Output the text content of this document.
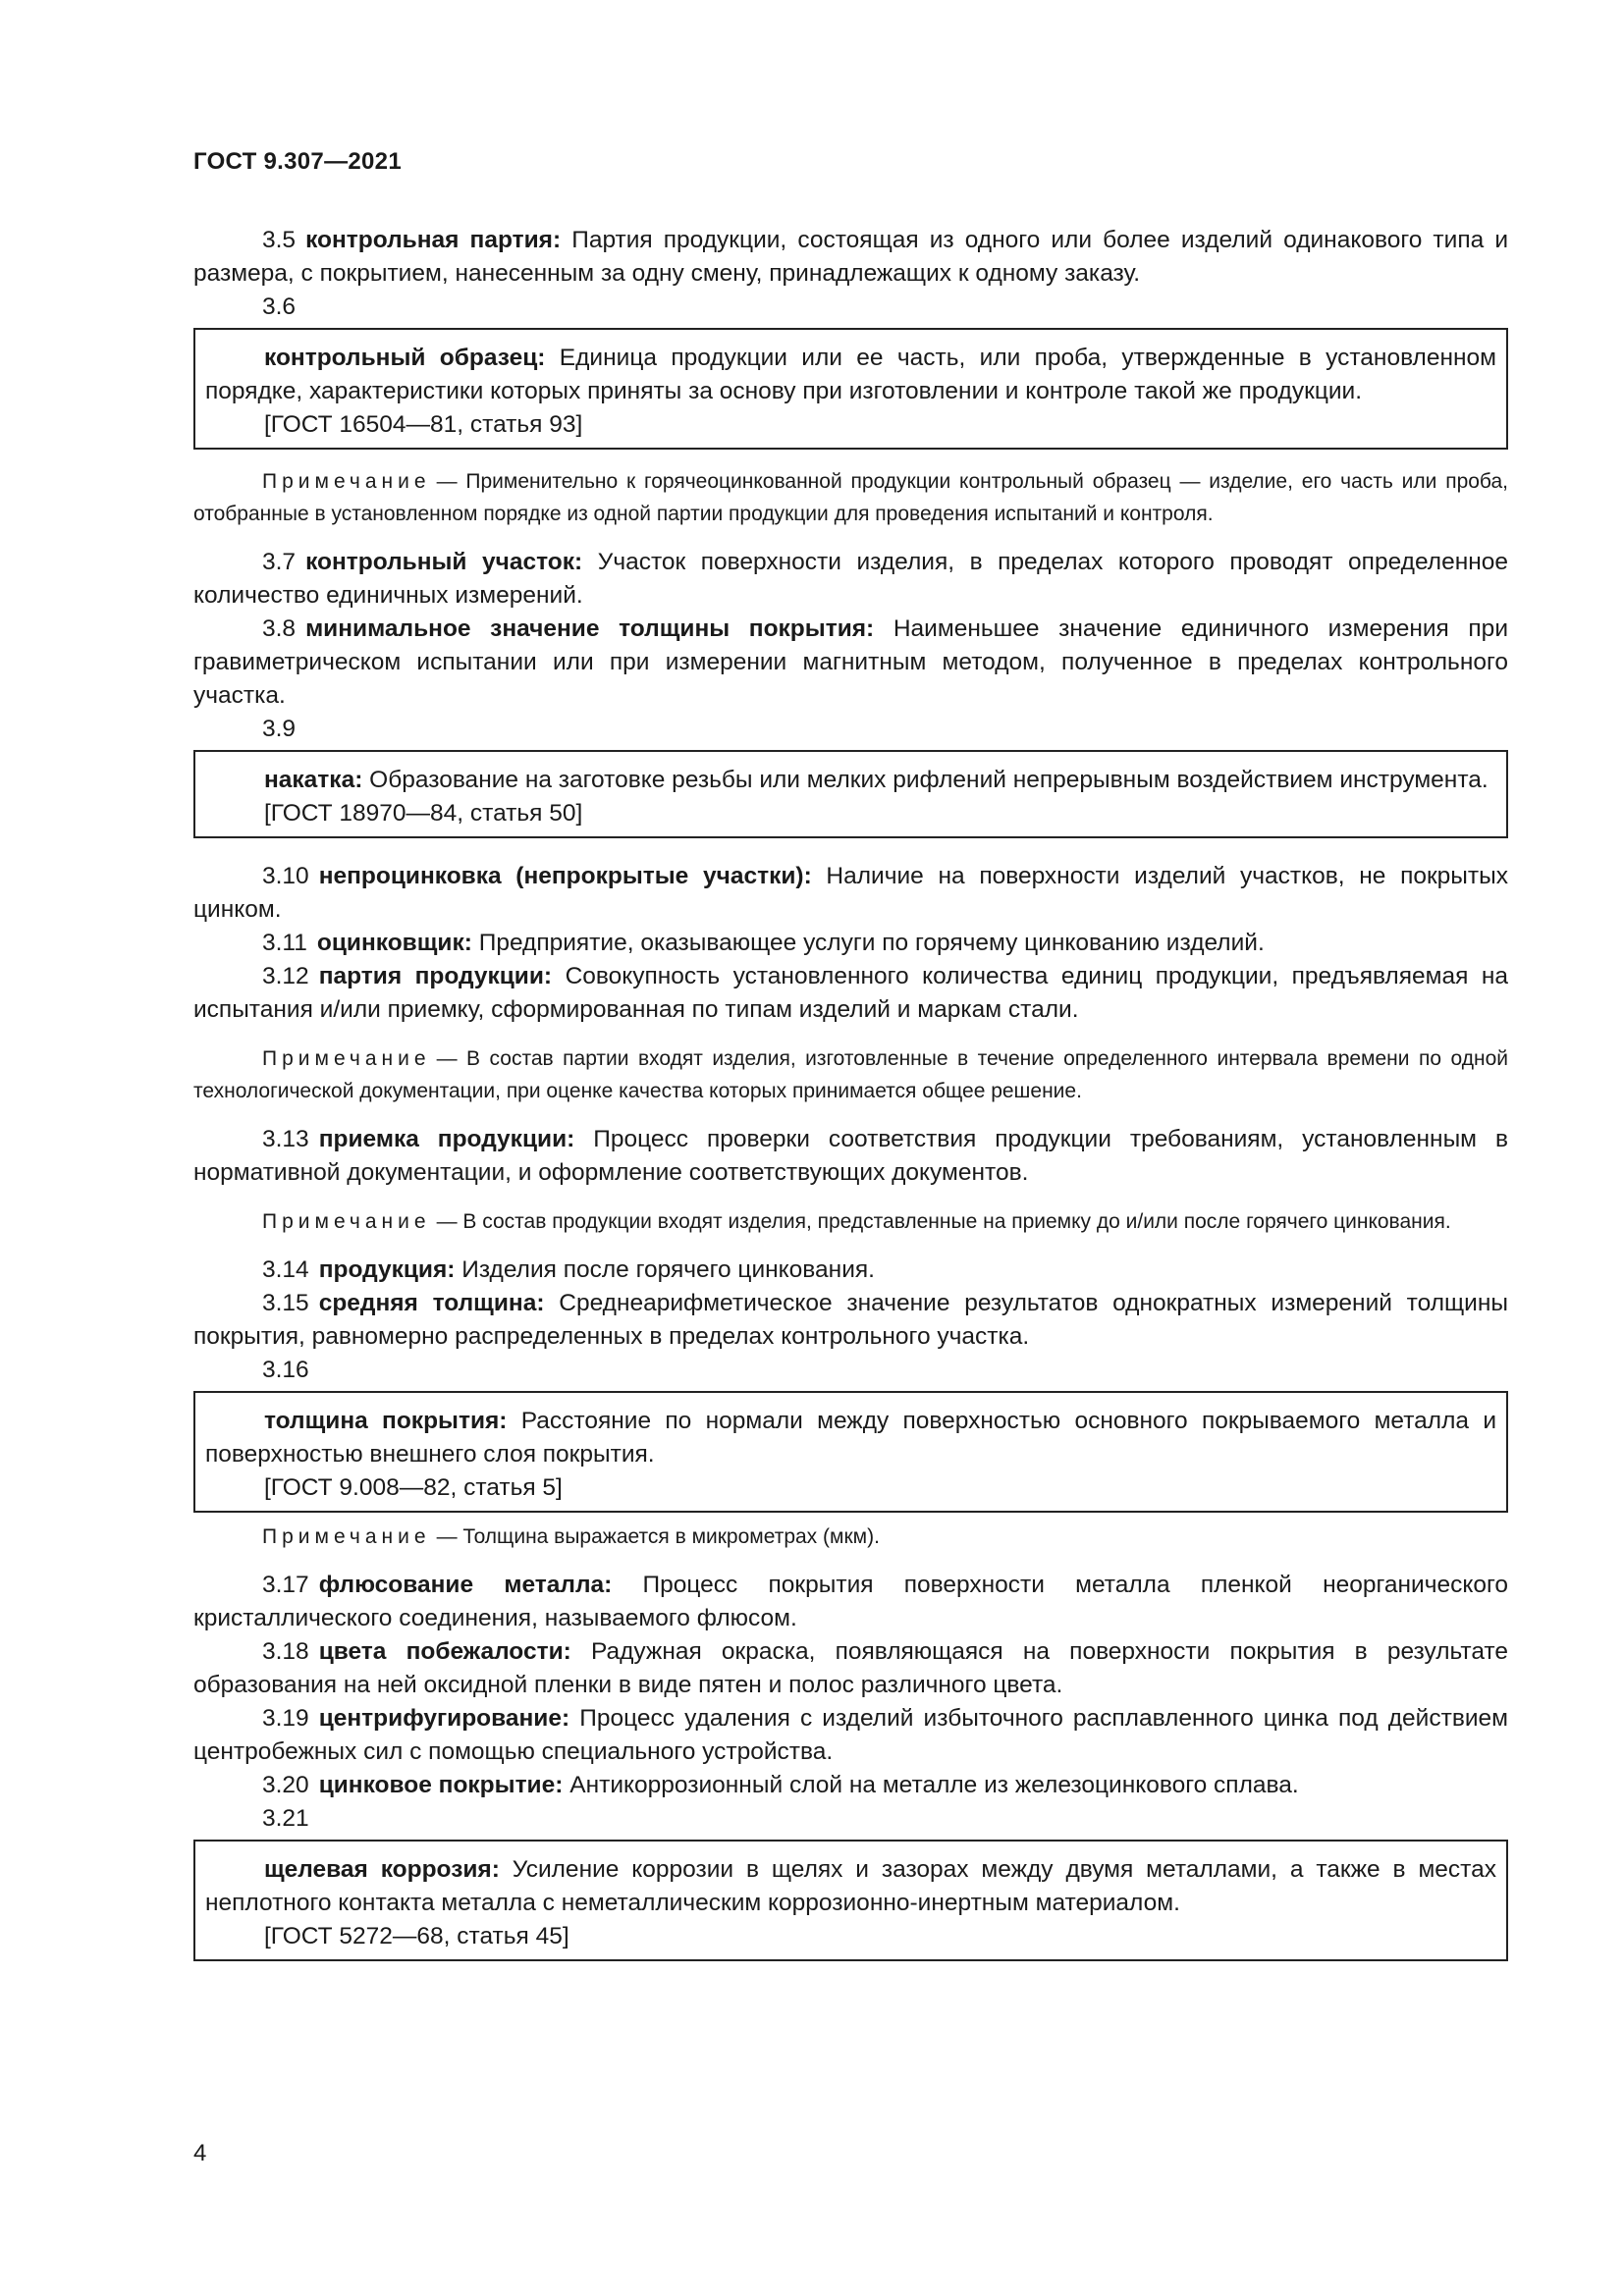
ГОСТ 9.307—2021

3.5 контрольная партия: Партия продукции, состоящая из одного или более изделий одинакового типа и размера, с покрытием, нанесенным за одну смену, принадлежащих к одному заказу.

3.6

контрольный образец: Единица продукции или ее часть, или проба, утвержденные в установленном порядке, характеристики которых приняты за основу при изготовлении и контроле такой же продукции.

[ГОСТ 16504—81, статья 93]

Примечание — Применительно к горячеоцинкованной продукции контрольный образец — изделие, его часть или проба, отобранные в установленном порядке из одной партии продукции для проведения испытаний и контроля.

3.7 контрольный участок: Участок поверхности изделия, в пределах которого проводят определенное количество единичных измерений.

3.8 минимальное значение толщины покрытия: Наименьшее значение единичного измерения при гравиметрическом испытании или при измерении магнитным методом, полученное в пределах контрольного участка.

3.9

накатка: Образование на заготовке резьбы или мелких рифлений непрерывным воздействием инструмента.

[ГОСТ 18970—84, статья 50]

3.10 непроцинковка (непрокрытые участки): Наличие на поверхности изделий участков, не покрытых цинком.

3.11 оцинковщик: Предприятие, оказывающее услуги по горячему цинкованию изделий.

3.12 партия продукции: Совокупность установленного количества единиц продукции, предъявляемая на испытания и/или приемку, сформированная по типам изделий и маркам стали.

Примечание — В состав партии входят изделия, изготовленные в течение определенного интервала времени по одной технологической документации, при оценке качества которых принимается общее решение.

3.13 приемка продукции: Процесс проверки соответствия продукции требованиям, установленным в нормативной документации, и оформление соответствующих документов.

Примечание — В состав продукции входят изделия, представленные на приемку до и/или после горячего цинкования.

3.14 продукция: Изделия после горячего цинкования.

3.15 средняя толщина: Среднеарифметическое значение результатов однократных измерений толщины покрытия, равномерно распределенных в пределах контрольного участка.

3.16

толщина покрытия: Расстояние по нормали между поверхностью основного покрываемого металла и поверхностью внешнего слоя покрытия.

[ГОСТ 9.008—82, статья 5]

Примечание — Толщина выражается в микрометрах (мкм).

3.17 флюсование металла: Процесс покрытия поверхности металла пленкой неорганического кристаллического соединения, называемого флюсом.

3.18 цвета побежалости: Радужная окраска, появляющаяся на поверхности покрытия в результате образования на ней оксидной пленки в виде пятен и полос различного цвета.

3.19 центрифугирование: Процесс удаления с изделий избыточного расплавленного цинка под действием центробежных сил с помощью специального устройства.

3.20 цинковое покрытие: Антикоррозионный слой на металле из железоцинкового сплава.

3.21

щелевая коррозия: Усиление коррозии в щелях и зазорах между двумя металлами, а также в местах неплотного контакта металла с неметаллическим коррозионно-инертным материалом.

[ГОСТ 5272—68, статья 45]

4
